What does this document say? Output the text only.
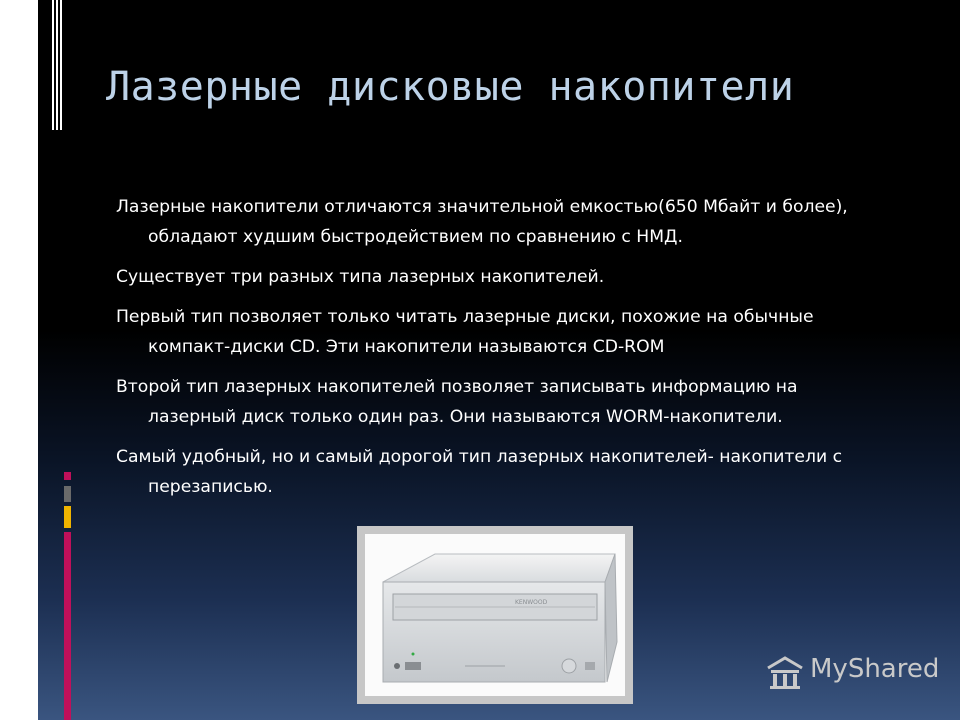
Лазерные дисковые накопители

Лазерные накопители отличаются значительной емкостью(650 Мбайт и более), обладают худшим быстродействием по сравнению с НМД.

Существует три разных типа лазерных накопителей.

Первый тип позволяет только читать лазерные диски, похожие на обычные компакт-диски CD. Эти накопители называются CD-ROM

Второй тип лазерных накопителей позволяет записывать информацию на лазерный диск только один раз. Они называются WORM-накопители.

Самый удобный, но и самый дорогой тип лазерных накопителей- накопители с перезаписью.

KENWOOD
MyShared
